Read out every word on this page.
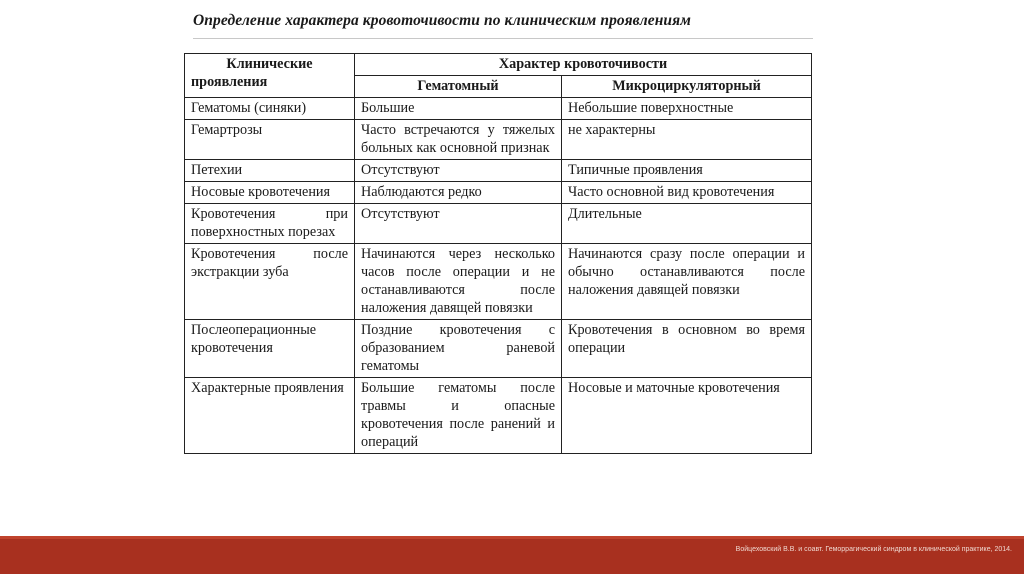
Определение характера кровоточивости по клиническим проявлениям
Клинические проявления	Характер кровоточивости	
	Гематомный	Микроциркуляторный
Гематомы (синяки)	Большие	Небольшие поверхностные
Гемартрозы	Часто встречаются у тяжелых больных как основной признак	не характерны
Петехии	Отсутствуют	Типичные проявления
Носовые кровотечения	Наблюдаются редко	Часто основной вид кровотечения
Кровотечения при поверхностных порезах	Отсутствуют	Длительные
Кровотечения после экстракции зуба	Начинаются через несколько часов после операции и не останавливаются после наложения давящей повязки	Начинаются сразу после операции и обычно останавливаются после наложения давящей повязки
Послеоперационные кровотечения	Поздние кровотечения с образованием раневой гематомы	Кровотечения в основном во время операции
Характерные проявления	Большие гематомы после травмы и опасные кровотечения после ранений и операций	Носовые и маточные кровотечения
Войцеховский В.В. и соавт. Геморрагический синдром в клинической практике, 2014.
